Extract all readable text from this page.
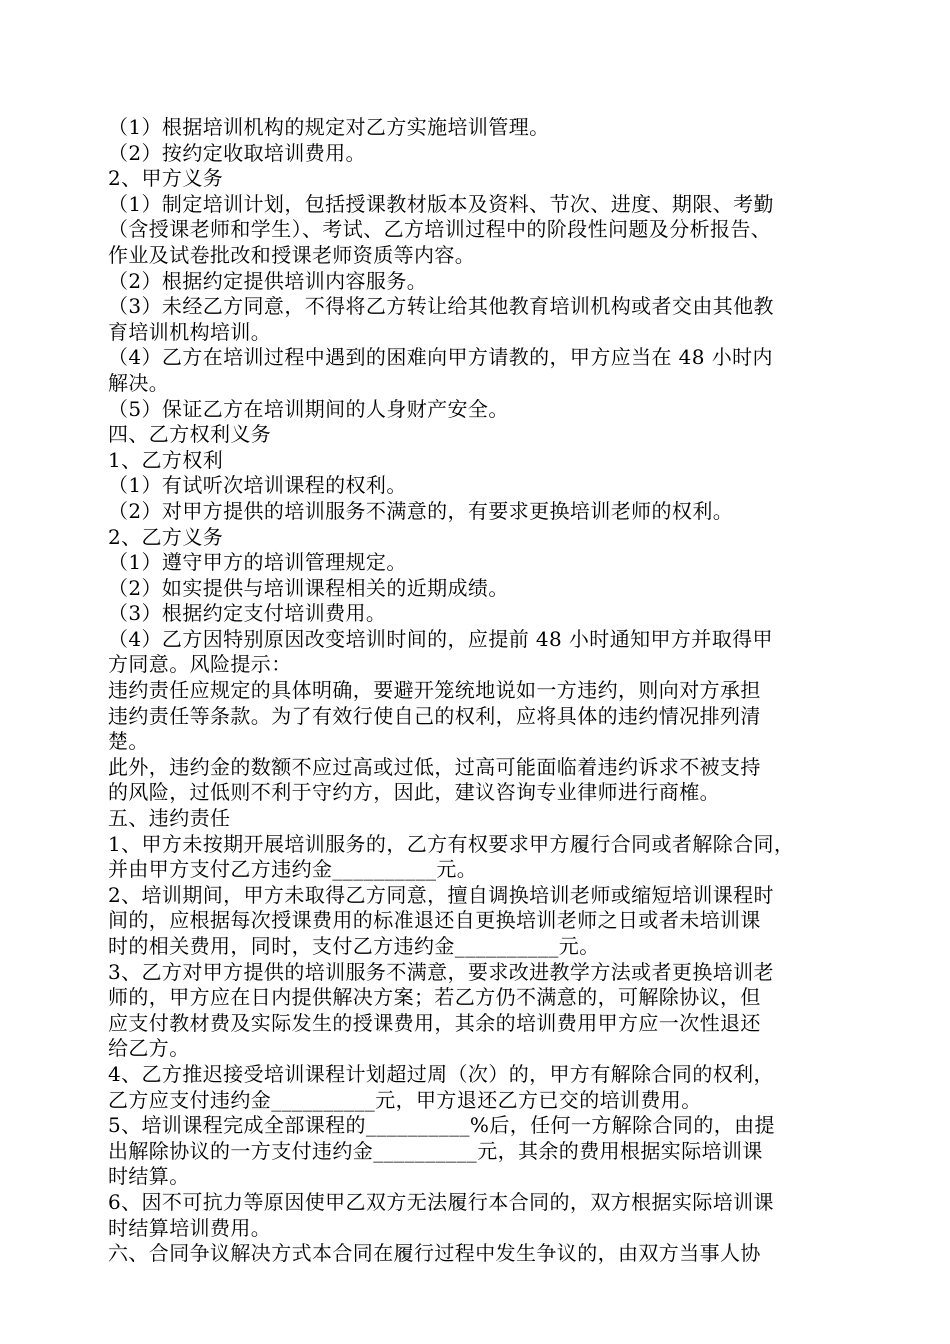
（1）根据培训机构的规定对乙方实施培训管理。
（2）按约定收取培训费用。
2、甲方义务
（1）制定培训计划，包括授课教材版本及资料、节次、进度、期限、考勤
（含授课老师和学生）、考试、乙方培训过程中的阶段性问题及分析报告、
作业及试卷批改和授课老师资质等内容。
（2）根据约定提供培训内容服务。
（3）未经乙方同意，不得将乙方转让给其他教育培训机构或者交由其他教
育培训机构培训。
（4）乙方在培训过程中遇到的困难向甲方请教的，甲方应当在 48 小时内
解决。
（5）保证乙方在培训期间的人身财产安全。
四、乙方权利义务
1、乙方权利
（1）有试听次培训课程的权利。
（2）对甲方提供的培训服务不满意的，有要求更换培训老师的权利。
2、乙方义务
（1）遵守甲方的培训管理规定。
（2）如实提供与培训课程相关的近期成绩。
（3）根据约定支付培训费用。
（4）乙方因特别原因改变培训时间的，应提前 48 小时通知甲方并取得甲
方同意。风险提示：
违约责任应规定的具体明确，要避开笼统地说如一方违约，则向对方承担
违约责任等条款。为了有效行使自己的权利，应将具体的违约情况排列清
楚。
此外，违约金的数额不应过高或过低，过高可能面临着违约诉求不被支持
的风险，过低则不利于守约方，因此，建议咨询专业律师进行商榷。
五、违约责任
1、甲方未按期开展培训服务的，乙方有权要求甲方履行合同或者解除合同，
并由甲方支付乙方违约金__________元。
2、培训期间，甲方未取得乙方同意，擅自调换培训老师或缩短培训课程时
间的，应根据每次授课费用的标准退还自更换培训老师之日或者未培训课
时的相关费用，同时，支付乙方违约金__________元。
3、乙方对甲方提供的培训服务不满意，要求改进教学方法或者更换培训老
师的，甲方应在日内提供解决方案；若乙方仍不满意的，可解除协议，但
应支付教材费及实际发生的授课费用，其余的培训费用甲方应一次性退还
给乙方。
4、乙方推迟接受培训课程计划超过周（次）的，甲方有解除合同的权利，
乙方应支付违约金__________元，甲方退还乙方已交的培训费用。
5、培训课程完成全部课程的__________%后，任何一方解除合同的，由提
出解除协议的一方支付违约金__________元，其余的费用根据实际培训课
时结算。
6、因不可抗力等原因使甲乙双方无法履行本合同的，双方根据实际培训课
时结算培训费用。
六、合同争议解决方式本合同在履行过程中发生争议的，由双方当事人协
